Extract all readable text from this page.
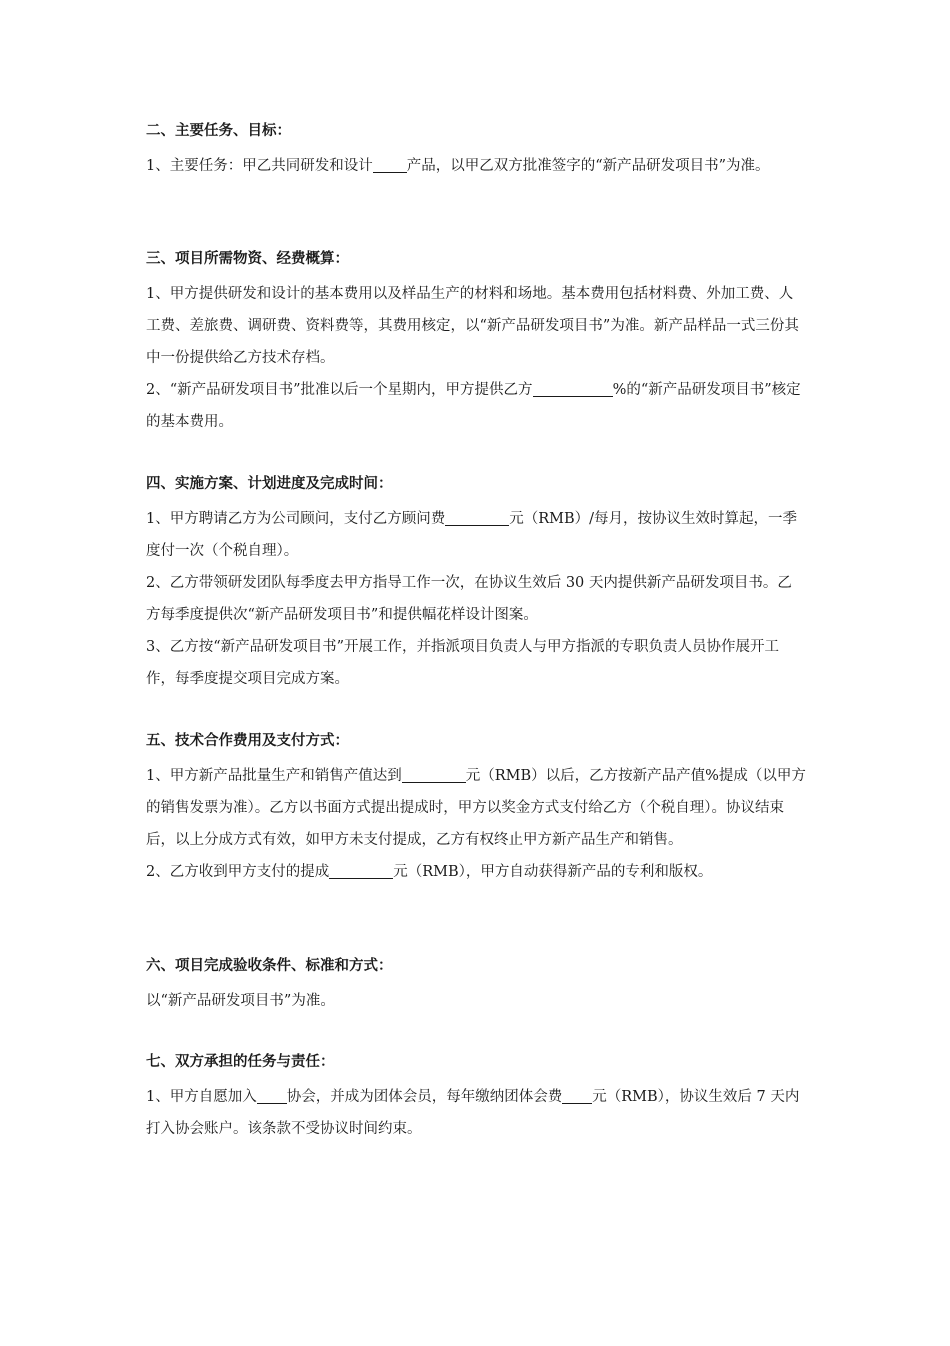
二、主要任务、目标：

1、主要任务：甲乙共同研发和设计 产品，以甲乙双方批准签字的“新产品研发项目书”为准。

三、项目所需物资、经费概算：

1、甲方提供研发和设计的基本费用以及样品生产的材料和场地。基本费用包括材料费、外加工费、人工费、差旅费、调研费、资料费等，其费用核定，以“新产品研发项目书”为准。新产品样品一式三份其中一份提供给乙方技术存档。

2、“新产品研发项目书”批准以后一个星期内，甲方提供乙方	%的“新产品研发项目书”核定的基本费用。

四、实施方案、计划进度及完成时间：

1、甲方聘请乙方为公司顾问，支付乙方顾问费	元（RMB）/每月，按协议生效时算起，一季度付一次（个税自理）。

2、乙方带领研发团队每季度去甲方指导工作一次，在协议生效后 30 天内提供新产品研发项目书。乙方每季度提供次“新产品研发项目书”和提供幅花样设计图案。

3、乙方按“新产品研发项目书”开展工作，并指派项目负责人与甲方指派的专职负责人员协作展开工作，每季度提交项目完成方案。

五、技术合作费用及支付方式：

1、甲方新产品批量生产和销售产值达到	元（RMB）以后，乙方按新产品产值%提成（以甲方的销售发票为准）。乙方以书面方式提出提成时，甲方以奖金方式支付给乙方（个税自理）。协议结束后，以上分成方式有效，如甲方未支付提成，乙方有权终止甲方新产品生产和销售。

2、乙方收到甲方支付的提成	元（RMB），甲方自动获得新产品的专利和版权。

六、项目完成验收条件、标准和方式：

以“新产品研发项目书”为准。

七、双方承担的任务与责任：

1、甲方自愿加入 协会，并成为团体会员，每年缴纳团体会费 元（RMB），协议生效后 7 天内打入协会账户。该条款不受协议时间约束。
